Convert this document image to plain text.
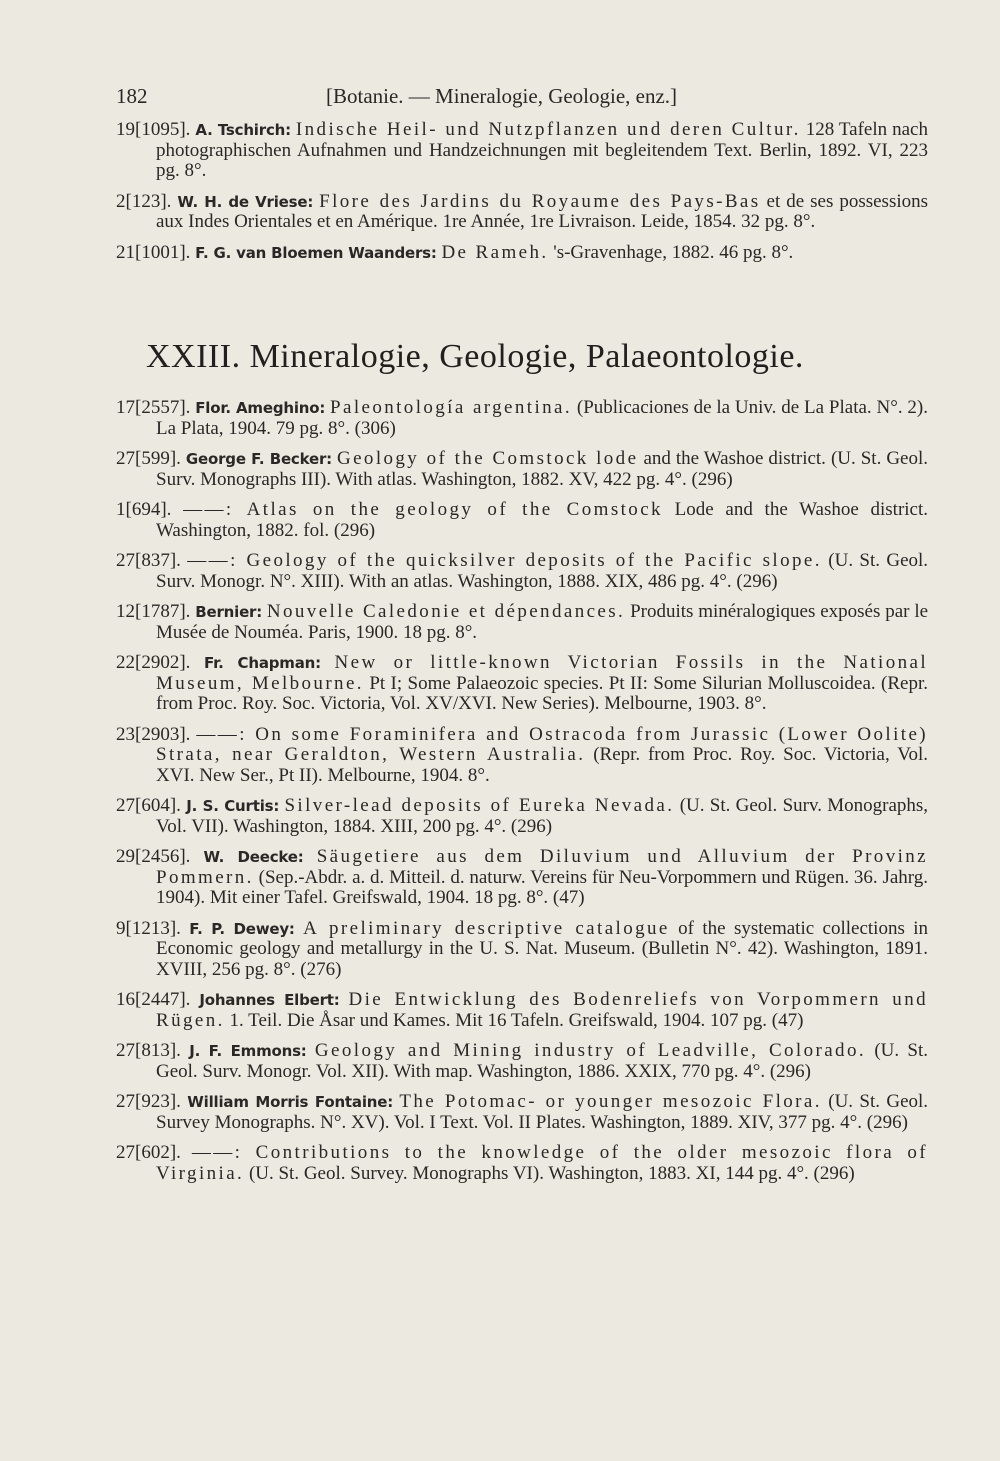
182	[Botanie. — Mineralogie, Geologie, enz.]

19[1095]. A. Tschirch: Indische Heil- und Nutzpflanzen und deren Cultur. 128 Tafeln nach photographischen Aufnahmen und Handzeichnungen mit begleitendem Text. Berlin, 1892. VI, 223 pg. 8°.

2[123]. W. H. de Vriese: Flore des Jardins du Royaume des Pays-Bas et de ses possessions aux Indes Orientales et en Amérique. 1re Année, 1re Livraison. Leide, 1854. 32 pg. 8°.

21[1001]. F. G. van Bloemen Waanders: De Rameh. 's-Gravenhage, 1882. 46 pg. 8°.

XXIII. Mineralogie, Geologie, Palaeontologie.

17[2557]. Flor. Ameghino: Paleontología argentina. (Publicaciones de la Univ. de La Plata. N°. 2). La Plata, 1904. 79 pg. 8°. (306)

27[599]. George F. Becker: Geology of the Comstock lode and the Washoe district. (U. St. Geol. Surv. Monographs III). With atlas. Washington, 1882. XV, 422 pg. 4°. (296)

1[694]. ——: Atlas on the geology of the Comstock Lode and the Washoe district. Washington, 1882. fol. (296)

27[837]. ——: Geology of the quicksilver deposits of the Pacific slope. (U. St. Geol. Surv. Monogr. N°. XIII). With an atlas. Washington, 1888. XIX, 486 pg. 4°. (296)

12[1787]. Bernier: Nouvelle Caledonie et dépendances. Produits minéralogiques exposés par le Musée de Nouméa. Paris, 1900. 18 pg. 8°.

22[2902]. Fr. Chapman: New or little-known Victorian Fossils in the National Museum, Melbourne. Pt I; Some Palaeozoic species. Pt II: Some Silurian Molluscoidea. (Repr. from Proc. Roy. Soc. Victoria, Vol. XV/XVI. New Series). Melbourne, 1903. 8°.

23[2903]. ——: On some Foraminifera and Ostracoda from Jurassic (Lower Oolite) Strata, near Geraldton, Western Australia. (Repr. from Proc. Roy. Soc. Victoria, Vol. XVI. New Ser., Pt II). Melbourne, 1904. 8°.

27[604]. J. S. Curtis: Silver-lead deposits of Eureka Nevada. (U. St. Geol. Surv. Monographs, Vol. VII). Washington, 1884. XIII, 200 pg. 4°. (296)

29[2456]. W. Deecke: Säugetiere aus dem Diluvium und Alluvium der Provinz Pommern. (Sep.-Abdr. a. d. Mitteil. d. naturw. Vereins für Neu-Vorpommern und Rügen. 36. Jahrg. 1904). Mit einer Tafel. Greifswald, 1904. 18 pg. 8°. (47)

9[1213]. F. P. Dewey: A preliminary descriptive catalogue of the systematic collections in Economic geology and metallurgy in the U. S. Nat. Museum. (Bulletin N°. 42). Washington, 1891. XVIII, 256 pg. 8°. (276)

16[2447]. Johannes Elbert: Die Entwicklung des Bodenreliefs von Vorpommern und Rügen. 1. Teil. Die Åsar und Kames. Mit 16 Tafeln. Greifswald, 1904. 107 pg. (47)

27[813]. J. F. Emmons: Geology and Mining industry of Leadville, Colorado. (U. St. Geol. Surv. Monogr. Vol. XII). With map. Washington, 1886. XXIX, 770 pg. 4°. (296)

27[923]. William Morris Fontaine: The Potomac- or younger mesozoic Flora. (U. St. Geol. Survey Monographs. N°. XV). Vol. I Text. Vol. II Plates. Washington, 1889. XIV, 377 pg. 4°. (296)

27[602]. ——: Contributions to the knowledge of the older mesozoic flora of Virginia. (U. St. Geol. Survey. Monographs VI). Washington, 1883. XI, 144 pg. 4°. (296)
